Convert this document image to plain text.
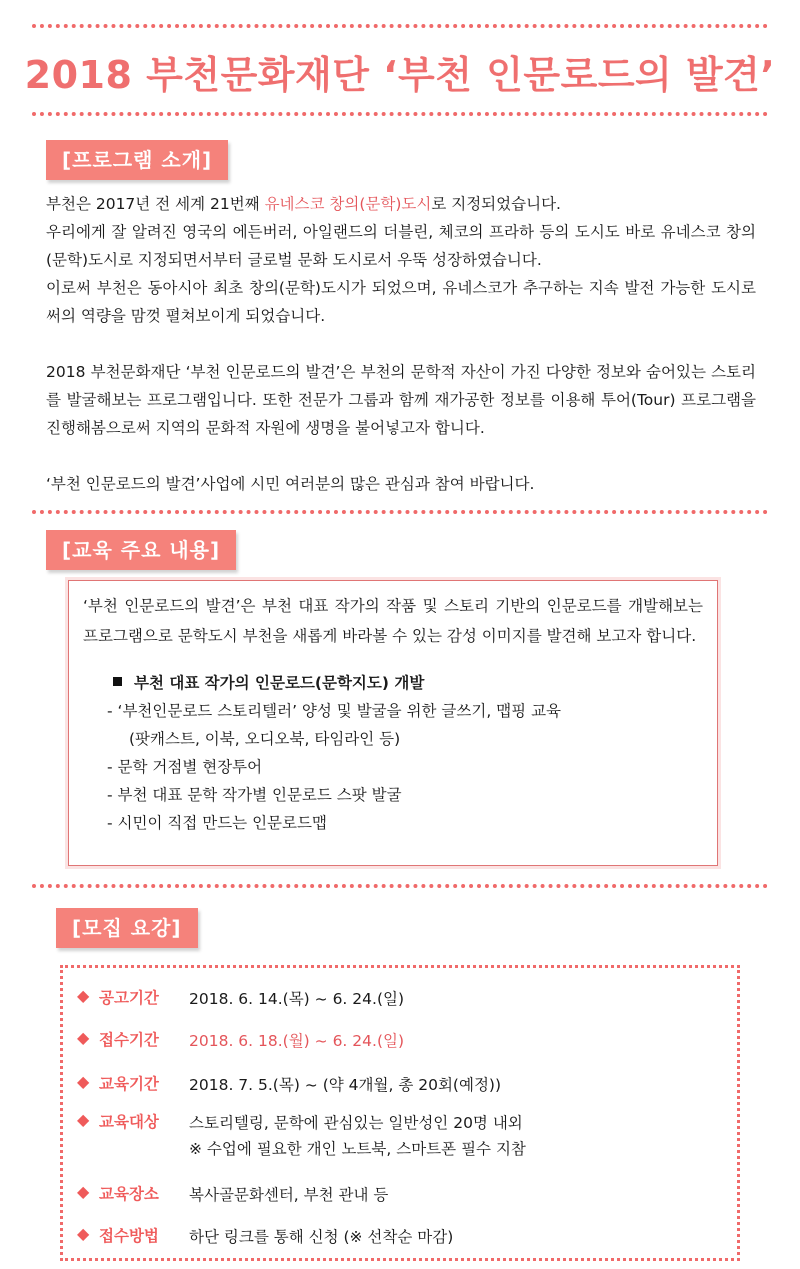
2018 부천문화재단 ‘부천 인문로드의 발견’
[프로그램 소개]

부천은 2017년 전 세계 21번째 유네스코 창의(문학)도시로 지정되었습니다.

우리에게 잘 알려진 영국의 에든버러, 아일랜드의 더블린, 체코의 프라하 등의 도시도 바로 유네스코 창의(문학)도시로 지정되면서부터 글로벌 문화 도시로서 우뚝 성장하였습니다.

이로써 부천은 동아시아 최초 창의(문학)도시가 되었으며, 유네스코가 추구하는 지속 발전 가능한 도시로써의 역량을 맘껏 펼쳐보이게 되었습니다.

2018 부천문화재단 ‘부천 인문로드의 발견’은 부천의 문학적 자산이 가진 다양한 정보와 숨어있는 스토리를 발굴해보는 프로그램입니다. 또한 전문가 그룹과 함께 재가공한 정보를 이용해 투어(Tour) 프로그램을 진행해봄으로써 지역의 문화적 자원에 생명을 불어넣고자 합니다.

‘부천 인문로드의 발견’사업에 시민 여러분의 많은 관심과 참여 바랍니다.

[교육 주요 내용]

‘부천 인문로드의 발견’은 부천 대표 작가의 작품 및 스토리 기반의 인문로드를 개발해보는 프로그램으로 문학도시 부천을 새롭게 바라볼 수 있는 감성 이미지를 발견해 보고자 합니다.

부천 대표 작가의 인문로드(문학지도) 개발
- ‘부천인문로드 스토리텔러’ 양성 및 발굴을 위한 글쓰기, 맵핑 교육
(팟캐스트, 이북, 오디오북, 타임라인 등)
- 문학 거점별 현장투어
- 부천 대표 문학 작가별 인문로드 스팟 발굴
- 시민이 직접 만드는 인문로드맵
[모집 요강]
◆ 공고기간	2018. 6. 14.(목) ~ 6. 24.(일)
◆ 접수기간	2018. 6. 18.(월) ~ 6. 24.(일)
◆ 교육기간	2018. 7. 5.(목) ~ (약 4개월, 총 20회(예정))
◆ 교육대상	스토리텔링, 문학에 관심있는 일반성인 20명 내외
※ 수업에 필요한 개인 노트북, 스마트폰 필수 지참
◆ 교육장소	복사골문화센터, 부천 관내 등
◆ 접수방법	하단 링크를 통해 신청 (※ 선착순 마감)
